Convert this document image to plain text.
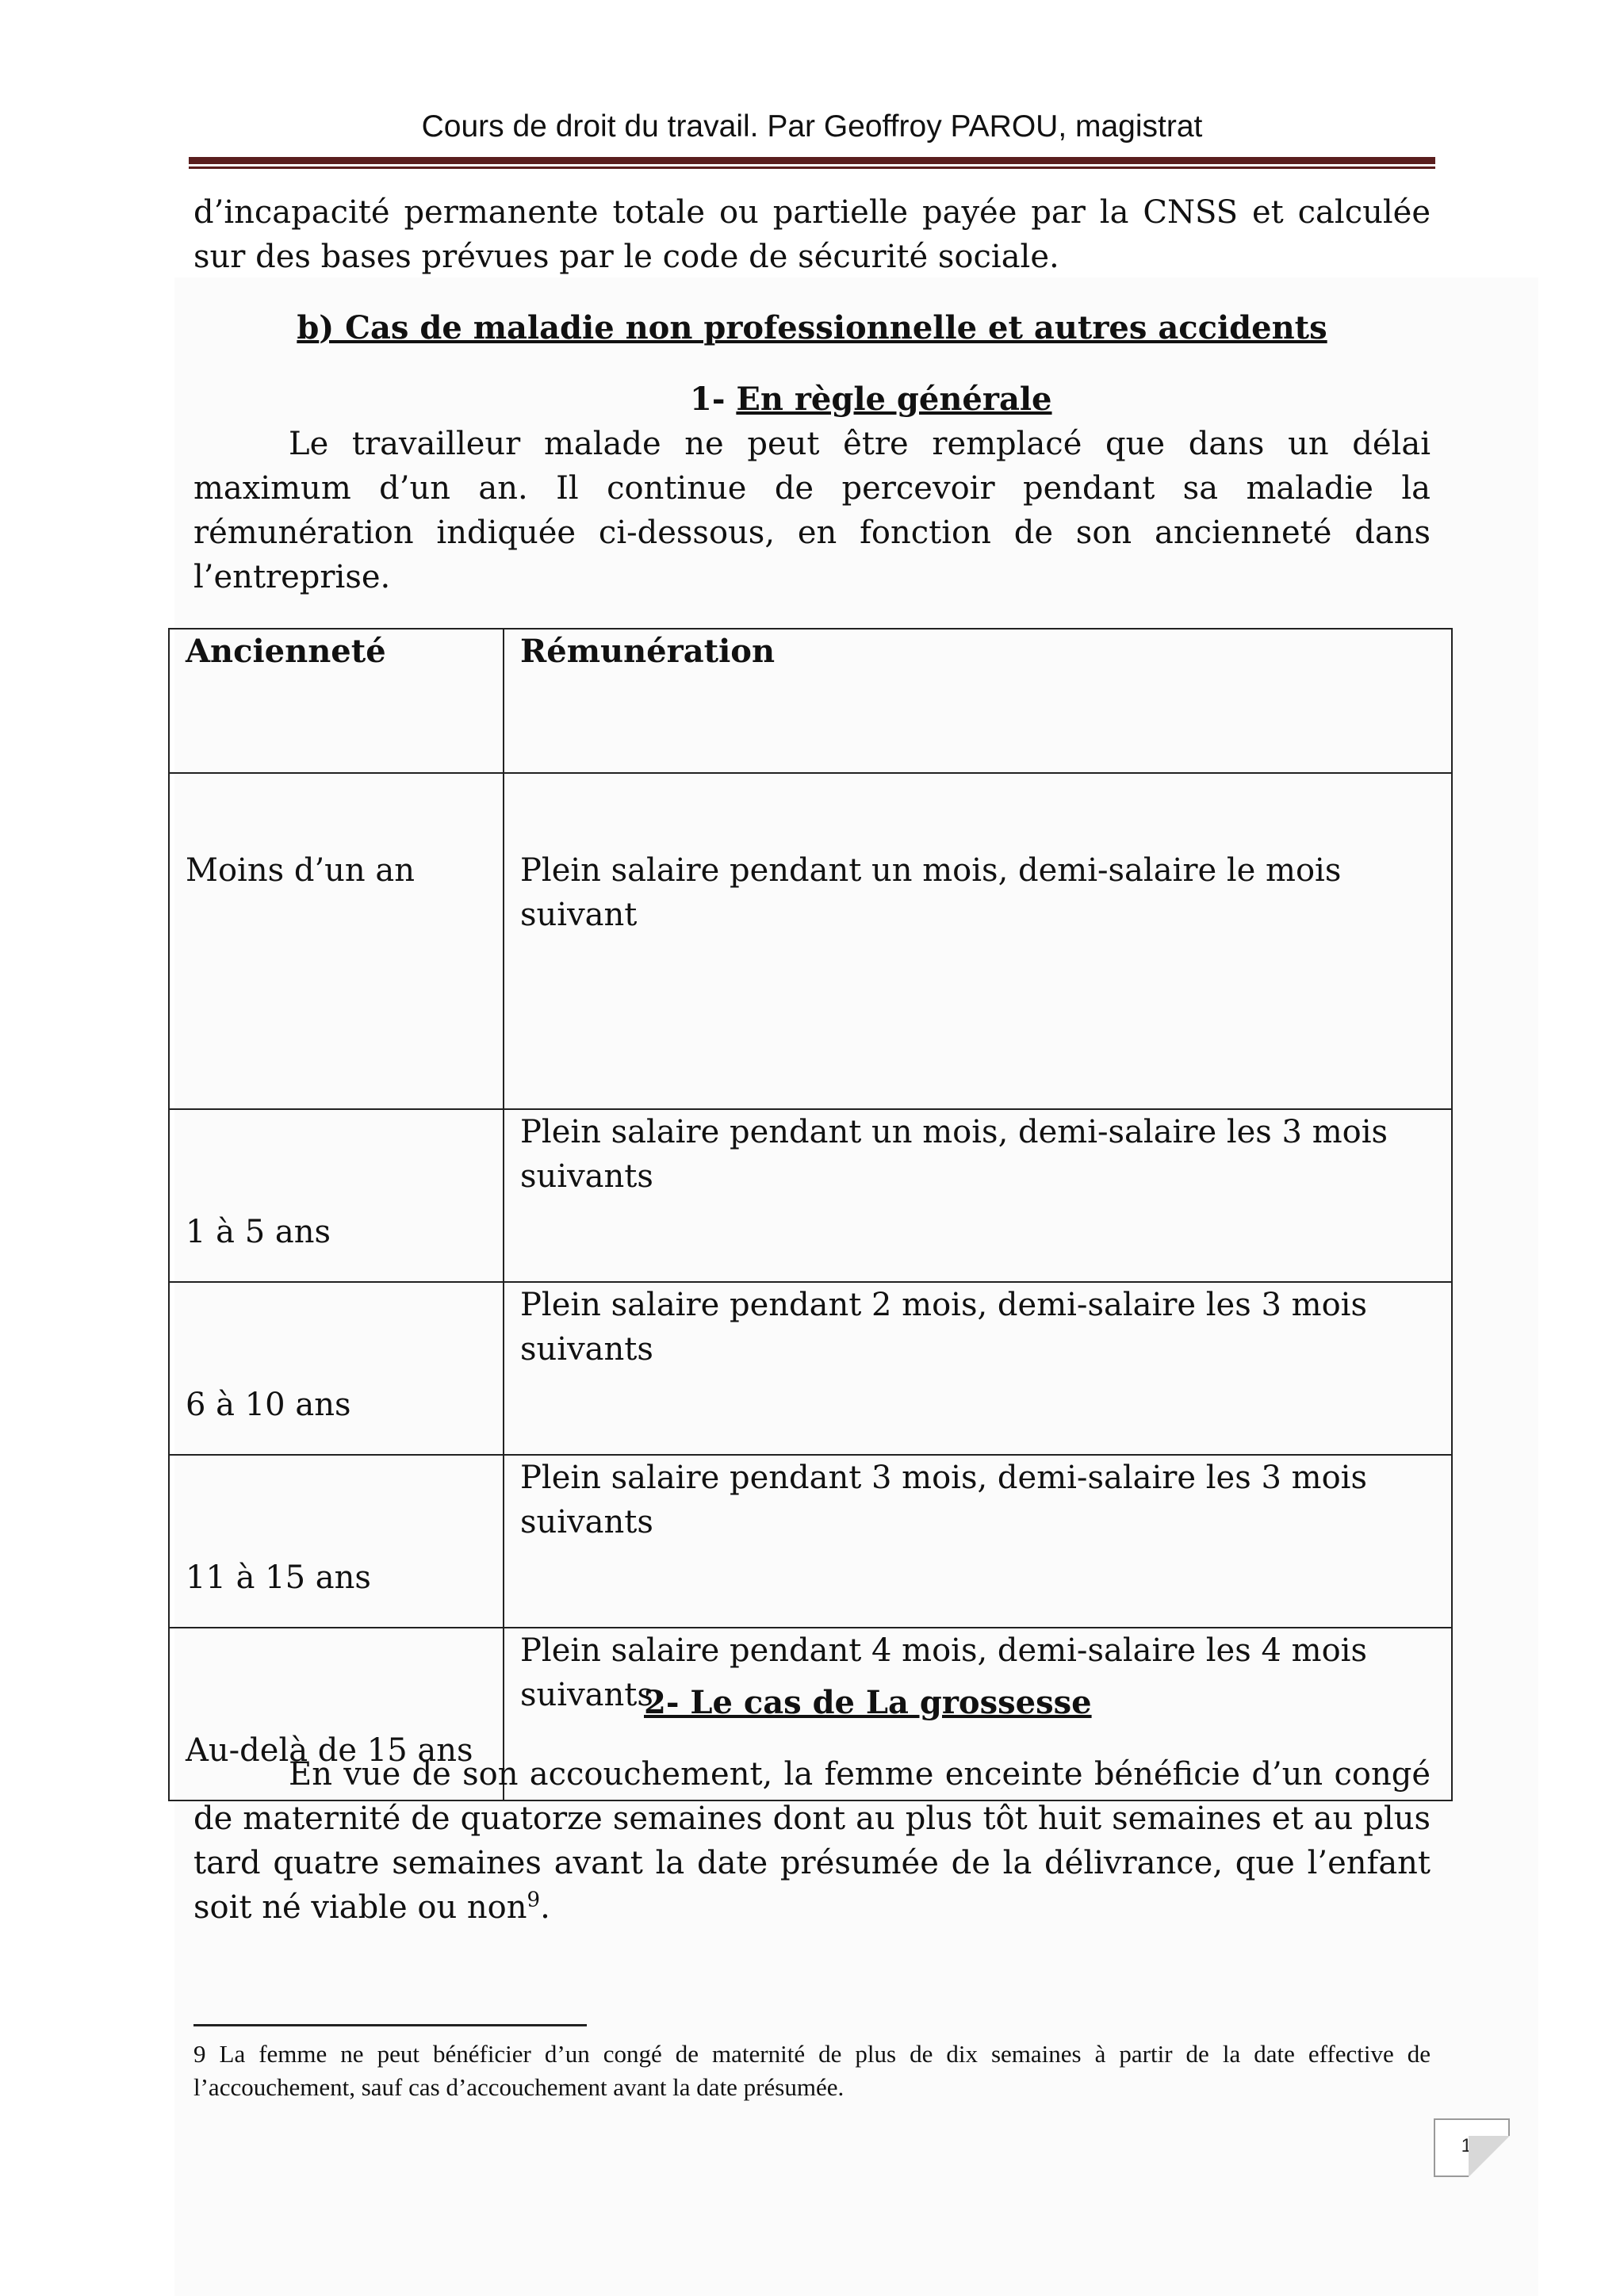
Cours de droit du travail. Par Geoffroy PAROU, magistrat

d’incapacité permanente totale ou partielle payée par la CNSS et calculée sur des bases prévues par le code de sécurité sociale.

b) Cas de maladie non professionnelle et autres accidents

1- En règle générale

Le travailleur malade ne peut être remplacé que dans un délai maximum d’un an. Il continue de percevoir pendant sa maladie la rémunération indiquée ci-dessous, en fonction de son ancienneté dans l’entreprise.

Ancienneté	Rémunération
Moins d’un an	Plein salaire pendant un mois, demi-salaire le mois suivant
1 à 5 ans	Plein salaire pendant un mois, demi-salaire les 3 mois suivants
6 à 10 ans	Plein salaire pendant 2 mois, demi-salaire les 3 mois suivants
11 à 15 ans	Plein salaire pendant 3 mois, demi-salaire les 3 mois suivants
Au-delà de 15 ans	Plein salaire pendant 4 mois, demi-salaire les 4 mois suivants

2- Le cas de La grossesse

En vue de son accouchement, la femme enceinte bénéficie d’un congé de maternité de quatorze semaines dont au plus tôt huit semaines et au plus tard quatre semaines avant la date présumée de la délivrance, que l’enfant soit né viable ou non$^9$.

9 La femme ne peut bénéficier d’un congé de maternité de plus de dix semaines à partir de la date effective de l’accouchement, sauf cas d’accouchement avant la date présumée.

18
